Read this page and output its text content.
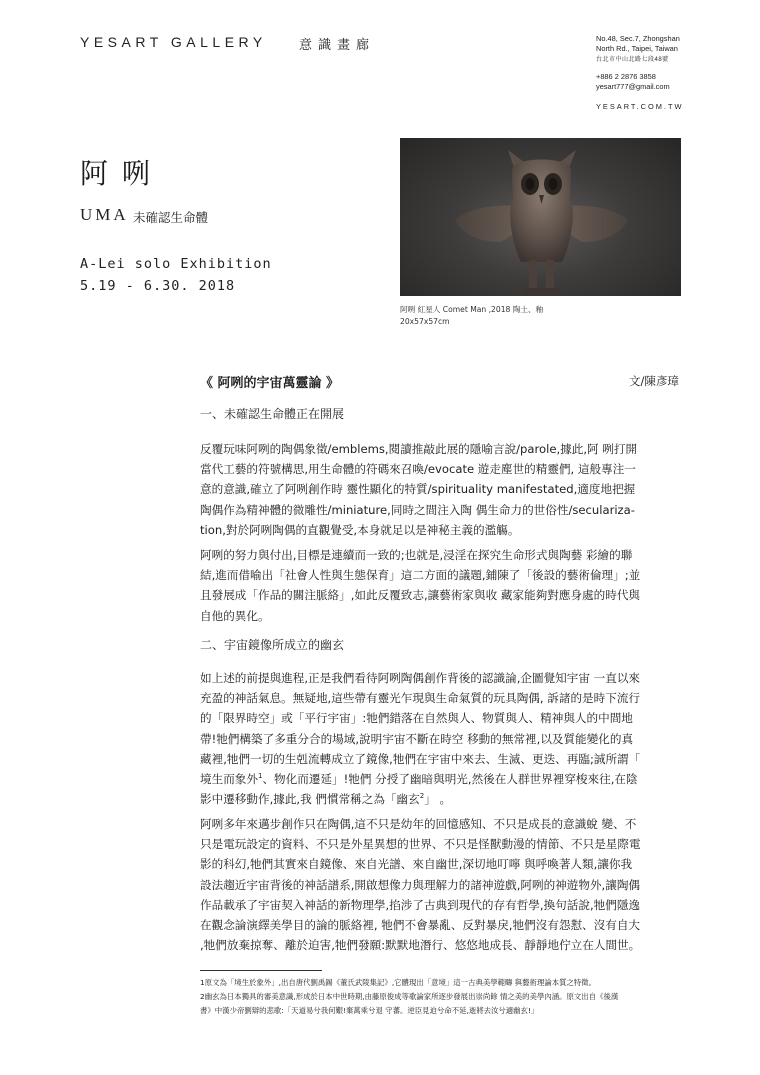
YESART GALLERY 意識畫廊	No.48, Sec.7, Zhongshan
North Rd., Taipei, Taiwan
台北市中山北路七段48號
+886 2 2876 3858
yesart777@gmail.com
YESART.COM.TW
阿咧
UMA 未確認生命體
A-Lei solo Exhibition
5.19 - 6.30. 2018
阿咧 紅星人 Comet Man ,2018 陶土、釉
20x57x57cm
《 阿咧的宇宙萬靈論 》	文/陳彥璋
一、未確認生命體正在開展
反覆玩味阿咧的陶偶象徵/emblems,閱讀推敲此展的隱喻言說/parole,據此,阿 咧打開
當代工藝的符號構思,用生命體的符碼來召喚/evocate 遊走塵世的精靈們, 這般專注一
意的意識,確立了阿咧創作時 靈性顯化的特質/spirituality manifestated,適度地把握
陶偶作為精神體的微雕性/miniature,同時之間注入陶 偶生命力的世俗性/seculariza-
tion,對於阿咧陶偶的直觀覺受,本身就足以是神秘主義的濫觴。
阿咧的努力與付出,目標是連續而一致的;也就是,浸淫在探究生命形式與陶藝 彩繪的聯
結,進而借喻出「社會人性與生態保育」這二方面的議題,鋪陳了「後設的藝術倫理」;並
且發展成「作品的關注脈絡」,如此反覆致志,讓藝術家與收 藏家能夠對應身處的時代與
自他的異化。
二、宇宙鏡像所成立的幽玄
如上述的前提與進程,正是我們看待阿咧陶偶創作背後的認識論,企圖覺知宇宙 一直以來
充盈的神話氣息。無疑地,這些帶有靈光乍現與生命氣質的玩具陶偶, 訴諸的是時下流行
的「限界時空」或「平行宇宙」:牠們錯落在自然與人、物質與人、精神與人的中間地
帶!牠們構築了多重分合的場域,說明宇宙不斷在時空 移動的無常裡,以及質能變化的真
藏裡,牠們一切的生剋流轉成立了鏡像,牠們在宇宙中來去、生滅、更迭、再臨;誠所謂「
境生而象外$^1$、物化而遷延」!牠們 分授了幽暗與明光,然後在人群世界裡穿梭來往,在陰
影中遷移動作,據此,我 們慣常稱之為「幽玄$^2$」 。
阿咧多年來邁步創作只在陶偶,這不只是幼年的回憶感知、不只是成長的意識蛻 變、不
只是電玩設定的資料、不只是外星異想的世界、不只是怪獸動漫的情節、不只是星際電
影的科幻,牠們其實來自鏡像、來自光譜、來自幽世,深切地叮嚀 與呼喚著人類,讓你我
設法趨近宇宙背後的神話譜系,開啟想像力與理解力的諸神遊戲,阿咧的神遊物外,讓陶偶
作品載承了宇宙契入神話的新物理學,掐涉了古典到現代的存有哲學,換句話說,牠們隱逸
在觀念論演繹美學目的論的脈絡裡, 牠們不會暴亂、反對暴戾,牠們沒有怨懟、沒有自大
,牠們放棄掠奪、離於迫害,牠們發願:默默地潛行、悠悠地成長、靜靜地佇立在人間世。
1原文為「境生於象外」,出自唐代劉禹錫《董氏武陵集記》,它體現出「意境」這一古典美學範疇 與藝術理論本質之特徵。
2幽玄為日本獨具的審美意識,形成於日本中世時期,由藤原俊成等歌論家所逐步發展出崇尚餘 情之美的美學內涵。原文出自《後漢
書》中漢少帝劉辯的悲歌:「天道易兮我何艱!棄萬乘兮退 守蕃。逆臣見迫兮命不延,逝將去汝兮適幽玄!」
